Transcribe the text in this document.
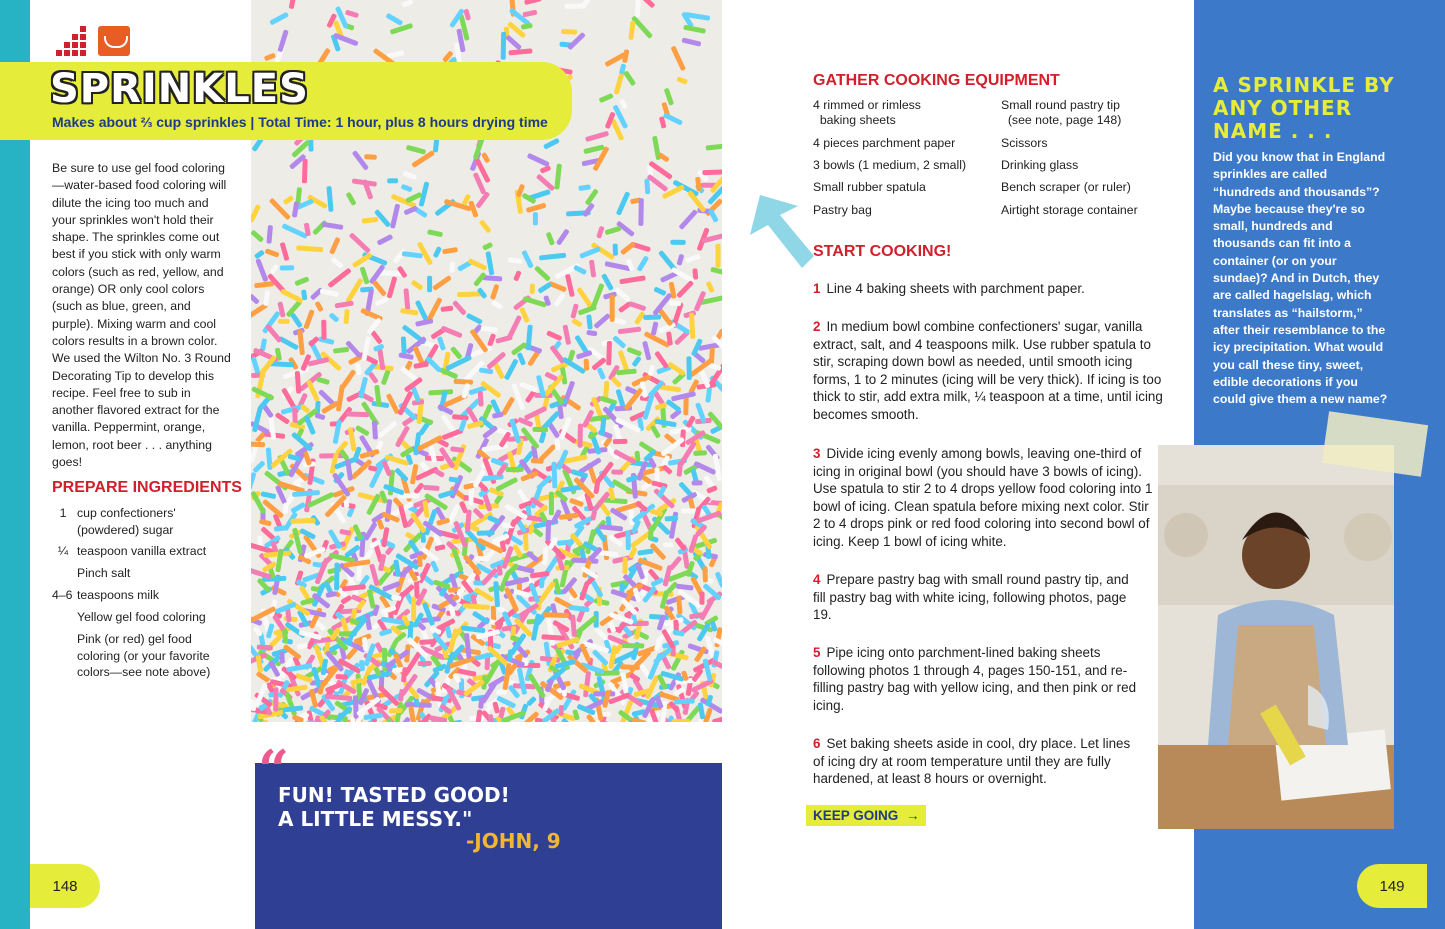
SPRINKLES
Makes about ⅔ cup sprinkles | Total Time: 1 hour, plus 8 hours drying time
Be sure to use gel food coloring—water-based food coloring will dilute the icing too much and your sprinkles won't hold their shape. The sprinkles come out best if you stick with only warm colors (such as red, yellow, and orange) OR only cool colors (such as blue, green, and purple). Mixing warm and cool colors results in a brown color. We used the Wilton No. 3 Round Decorating Tip to develop this recipe. Feel free to sub in another flavored extract for the vanilla. Peppermint, orange, lemon, root beer . . . anything goes!
PREPARE INGREDIENTS
1 cup confectioners' (powdered) sugar
¼ teaspoon vanilla extract
Pinch salt
4–6 teaspoons milk
Yellow gel food coloring
Pink (or red) gel food coloring (or your favorite colors—see note above)
148
“
FUN! TASTED GOOD!
A LITTLE MESSY."
-JOHN, 9
GATHER COOKING EQUIPMENT
4 rimmed or rimless
baking sheets
4 pieces parchment paper
3 bowls (1 medium, 2 small)
Small rubber spatula
Pastry bag
Small round pastry tip
(see note, page 148)
Scissors
Drinking glass
Bench scraper (or ruler)
Airtight storage container
START COOKING!
1 Line 4 baking sheets with parchment paper.
2 In medium bowl combine confectioners' sugar, vanilla extract, salt, and 4 teaspoons milk. Use rubber spatula to stir, scraping down bowl as needed, until smooth icing forms, 1 to 2 minutes (icing will be very thick). If icing is too thick to stir, add extra milk, ¼ teaspoon at a time, until icing becomes smooth.
3 Divide icing evenly among bowls, leaving one-third of icing in original bowl (you should have 3 bowls of icing). Use spatula to stir 2 to 4 drops yellow food coloring into 1 bowl of icing. Clean spatula before mixing next color. Stir 2 to 4 drops pink or red food coloring into second bowl of icing. Keep 1 bowl of icing white.
4 Prepare pastry bag with small round pastry tip, and fill pastry bag with white icing, following photos, page 19.
5 Pipe icing onto parchment-lined baking sheets following photos 1 through 4, pages 150-151, and re-filling pastry bag with yellow icing, and then pink or red icing.
6 Set baking sheets aside in cool, dry place. Let lines of icing dry at room temperature until they are fully hardened, at least 8 hours or overnight.
KEEP GOING →
A SPRINKLE BY ANY OTHER NAME . . .
Did you know that in England sprinkles are called “hundreds and thousands”? Maybe because they're so small, hundreds and thousands can fit into a container (or on your sundae)? And in Dutch, they are called hagelslag, which translates as “hailstorm,” after their resemblance to the icy precipitation. What would you call these tiny, sweet, edible decorations if you could give them a new name?
149
